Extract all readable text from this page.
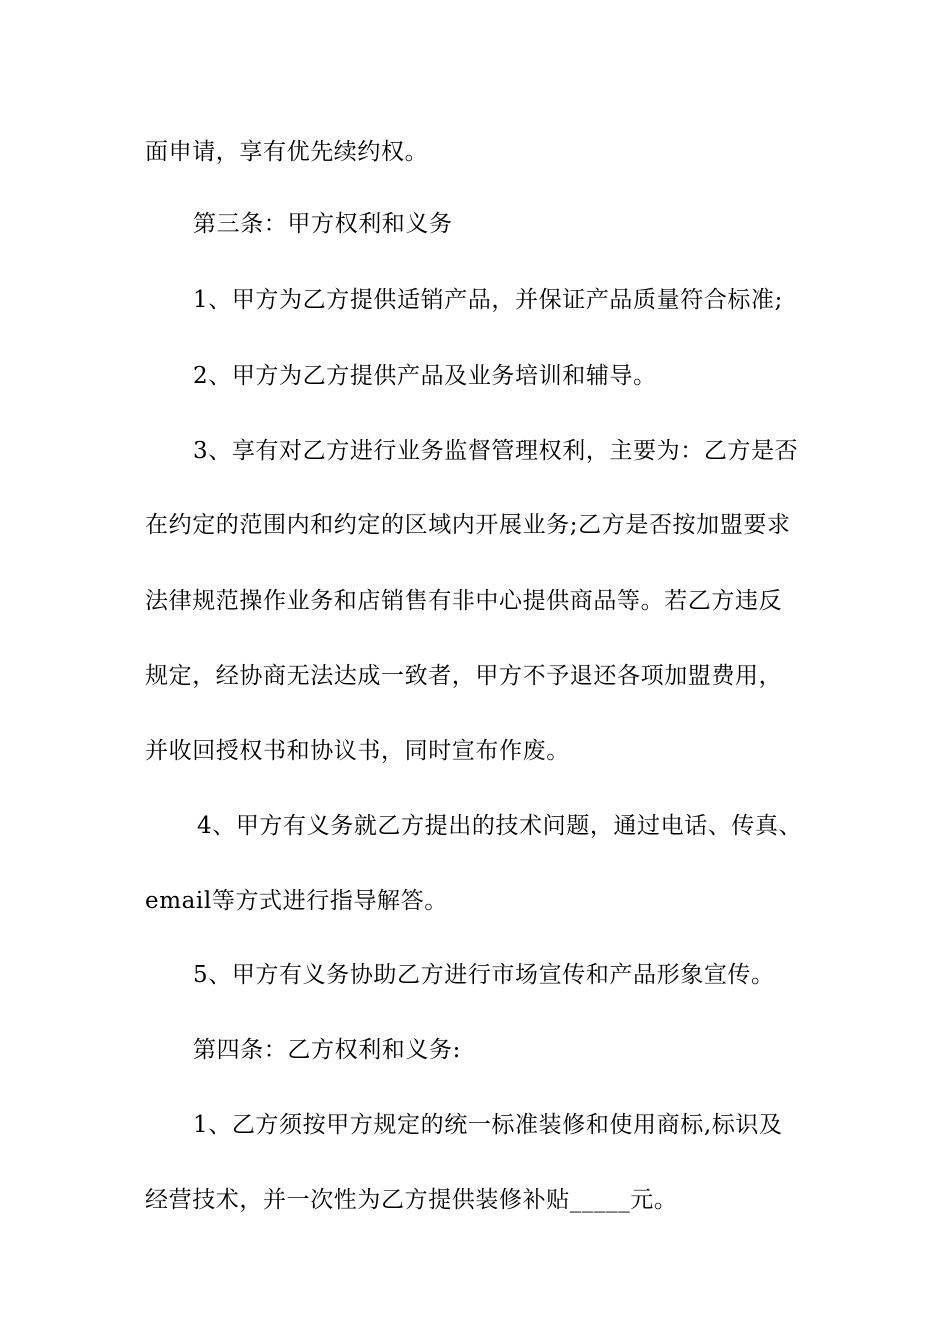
面申请，享有优先续约权。
第三条：甲方权利和义务
1、甲方为乙方提供适销产品，并保证产品质量符合标准;
2、甲方为乙方提供产品及业务培训和辅导。
3、享有对乙方进行业务监督管理权利，主要为：乙方是否
在约定的范围内和约定的区域内开展业务;乙方是否按加盟要求
法律规范操作业务和店销售有非中心提供商品等。若乙方违反
规定，经协商无法达成一致者，甲方不予退还各项加盟费用，
并收回授权书和协议书，同时宣布作废。
4、甲方有义务就乙方提出的技术问题，通过电话、传真、
email等方式进行指导解答。
5、甲方有义务协助乙方进行市场宣传和产品形象宣传。
第四条：乙方权利和义务:
1、乙方须按甲方规定的统一标准装修和使用商标,标识及
经营技术，并一次性为乙方提供装修补贴_____元。
